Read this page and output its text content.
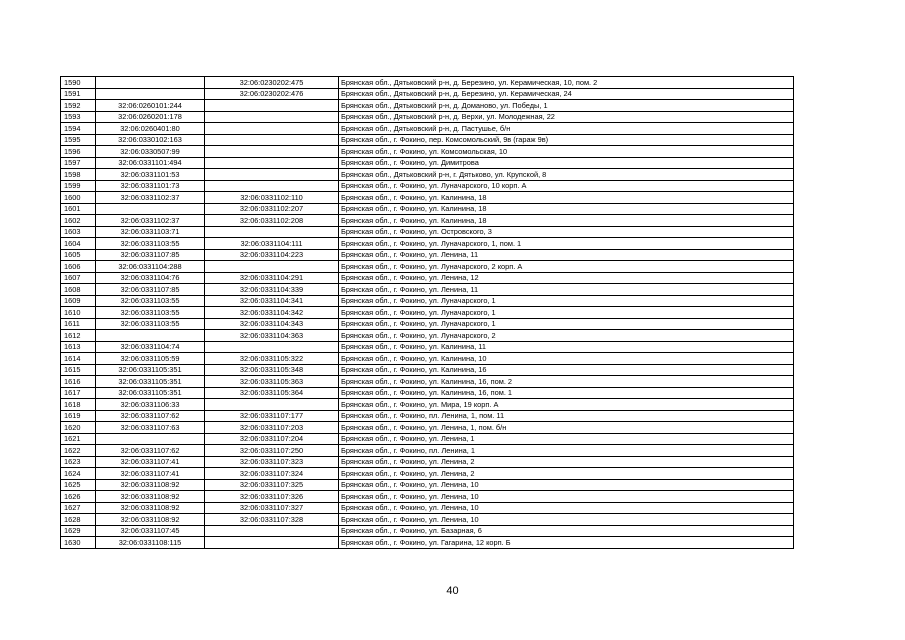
1590		32:06:0230202:475	Брянская обл., Дятьковский р-н, д. Березино, ул. Керамическая, 10, пом. 2
1591		32:06:0230202:476	Брянская обл., Дятьковский р-н, д. Березино, ул. Керамическая, 24
1592	32:06:0260101:244		Брянская обл., Дятьковский р-н, д. Доманово, ул. Победы, 1
1593	32:06:0260201:178		Брянская обл., Дятьковский р-н, д. Верхи, ул. Молодежная, 22
1594	32:06:0260401:80		Брянская обл., Дятьковский р-н, д. Пастушье, б/н
1595	32:06:0330102:163		Брянская обл., г. Фокино, пер. Комсомольский, 9в (гараж 9в)
1596	32:06:0330507:99		Брянская обл., г. Фокино, ул. Комсомольская, 10
1597	32:06:0331101:494		Брянская обл., г. Фокино, ул. Димитрова
1598	32:06:0331101:53		Брянская обл., Дятьковский р-н, г. Дятьково, ул. Крупской, 8
1599	32:06:0331101:73		Брянская обл., г. Фокино, ул. Луначарского, 10 корп. А
1600	32:06:0331102:37	32:06:0331102:110	Брянская обл., г. Фокино, ул. Калинина, 18
1601		32:06:0331102:207	Брянская обл., г. Фокино, ул. Калинина, 18
1602	32:06:0331102:37	32:06:0331102:208	Брянская обл., г. Фокино, ул. Калинина, 18
1603	32:06:0331103:71		Брянская обл., г. Фокино, ул. Островского, 3
1604	32:06:0331103:55	32:06:0331104:111	Брянская обл., г. Фокино, ул. Луначарского, 1, пом. 1
1605	32:06:0331107:85	32:06:0331104:223	Брянская обл., г. Фокино, ул. Ленина, 11
1606	32:06:0331104:288		Брянская обл., г. Фокино, ул. Луначарского, 2 корп. А
1607	32:06:0331104:76	32:06:0331104:291	Брянская обл., г. Фокино, ул. Ленина, 12
1608	32:06:0331107:85	32:06:0331104:339	Брянская обл., г. Фокино, ул. Ленина, 11
1609	32:06:0331103:55	32:06:0331104:341	Брянская обл., г. Фокино, ул. Луначарского, 1
1610	32:06:0331103:55	32:06:0331104:342	Брянская обл., г. Фокино, ул. Луначарского, 1
1611	32:06:0331103:55	32:06:0331104:343	Брянская обл., г. Фокино, ул. Луначарского, 1
1612		32:06:0331104:363	Брянская обл., г. Фокино, ул. Луначарского, 2
1613	32:06:0331104:74		Брянская обл., г. Фокино, ул. Калинина, 11
1614	32:06:0331105:59	32:06:0331105:322	Брянская обл., г. Фокино, ул. Калинина, 10
1615	32:06:0331105:351	32:06:0331105:348	Брянская обл., г. Фокино, ул. Калинина, 16
1616	32:06:0331105:351	32:06:0331105:363	Брянская обл., г. Фокино, ул. Калинина, 16, пом. 2
1617	32:06:0331105:351	32:06:0331105:364	Брянская обл., г. Фокино, ул. Калинина, 16, пом. 1
1618	32:06:0331106:33		Брянская обл., г. Фокино, ул. Мира, 19 корп. А
1619	32:06:0331107:62	32:06:0331107:177	Брянская обл., г. Фокино, пл. Ленина, 1, пом. 11
1620	32:06:0331107:63	32:06:0331107:203	Брянская обл., г. Фокино, ул. Ленина, 1, пом. б/н
1621		32:06:0331107:204	Брянская обл., г. Фокино, ул. Ленина, 1
1622	32:06:0331107:62	32:06:0331107:250	Брянская обл., г. Фокино, пл. Ленина, 1
1623	32:06:0331107:41	32:06:0331107:323	Брянская обл., г. Фокино, ул. Ленина, 2
1624	32:06:0331107:41	32:06:0331107:324	Брянская обл., г. Фокино, ул. Ленина, 2
1625	32:06:0331108:92	32:06:0331107:325	Брянская обл., г. Фокино, ул. Ленина, 10
1626	32:06:0331108:92	32:06:0331107:326	Брянская обл., г. Фокино, ул. Ленина, 10
1627	32:06:0331108:92	32:06:0331107:327	Брянская обл., г. Фокино, ул. Ленина, 10
1628	32:06:0331108:92	32:06:0331107:328	Брянская обл., г. Фокино, ул. Ленина, 10
1629	32:06:0331107:45		Брянская обл., г. Фокино, ул. Базарная, 6
1630	32:06:0331108:115		Брянская обл., г. Фокино, ул. Гагарина, 12 корп. Б
40
